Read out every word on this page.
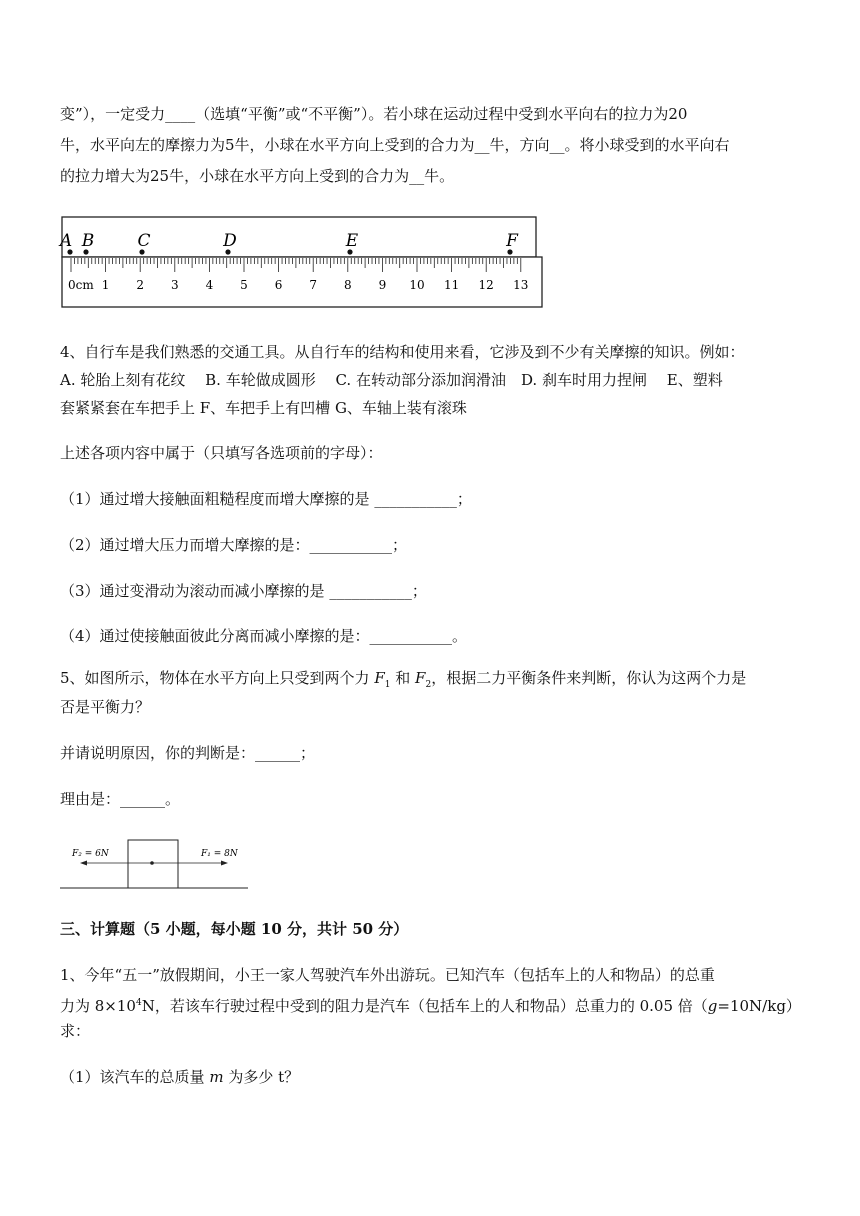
变”），一定受力____（选填“平衡”或“不平衡”）。若小球在运动过程中受到水平向右的拉力为20
牛，水平向左的摩擦力为5牛，小球在水平方向上受到的合力为__牛，方向__。将小球受到的水平向右
的拉力增大为25牛，小球在水平方向上受到的合力为__牛。
A B	C	D	E	F
0cm 1 2 3 4 5 6 7 8 9 10 11 12 13
4、自行车是我们熟悉的交通工具。从自行车的结构和使用来看，它涉及到不少有关摩擦的知识。例如：
A. 轮胎上刻有花纹　 B. 车轮做成圆形　 C. 在转动部分添加润滑油　D. 刹车时用力捏闸　 E、塑料
套紧紧套在车把手上 F、车把手上有凹槽 G、车轴上装有滚珠
上述各项内容中属于（只填写各选项前的字母）：
（1）通过增大接触面粗糙程度而增大摩擦的是 ___________；
（2）通过增大压力而增大摩擦的是：___________；
（3）通过变滑动为滚动而减小摩擦的是 ___________；
（4）通过使接触面彼此分离而减小摩擦的是：___________。
5、如图所示，物体在水平方向上只受到两个力 $F_1$ 和 $F_2$，根据二力平衡条件来判断，你认为这两个力是
否是平衡力？
并请说明原因，你的判断是：______；
理由是：______。
F₂ = 6N	F₁ = 8N
三、计算题（5 小题，每小题 10 分，共计 50 分）
1、今年“五一”放假期间，小王一家人驾驶汽车外出游玩。已知汽车（包括车上的人和物品）的总重
力为 $8\times 10^4N$，若该车行驶过程中受到的阻力是汽车（包括车上的人和物品）总重力的 0.05 倍（g=10N/kg）
求：
（1）该汽车的总质量 m 为多少 t？
